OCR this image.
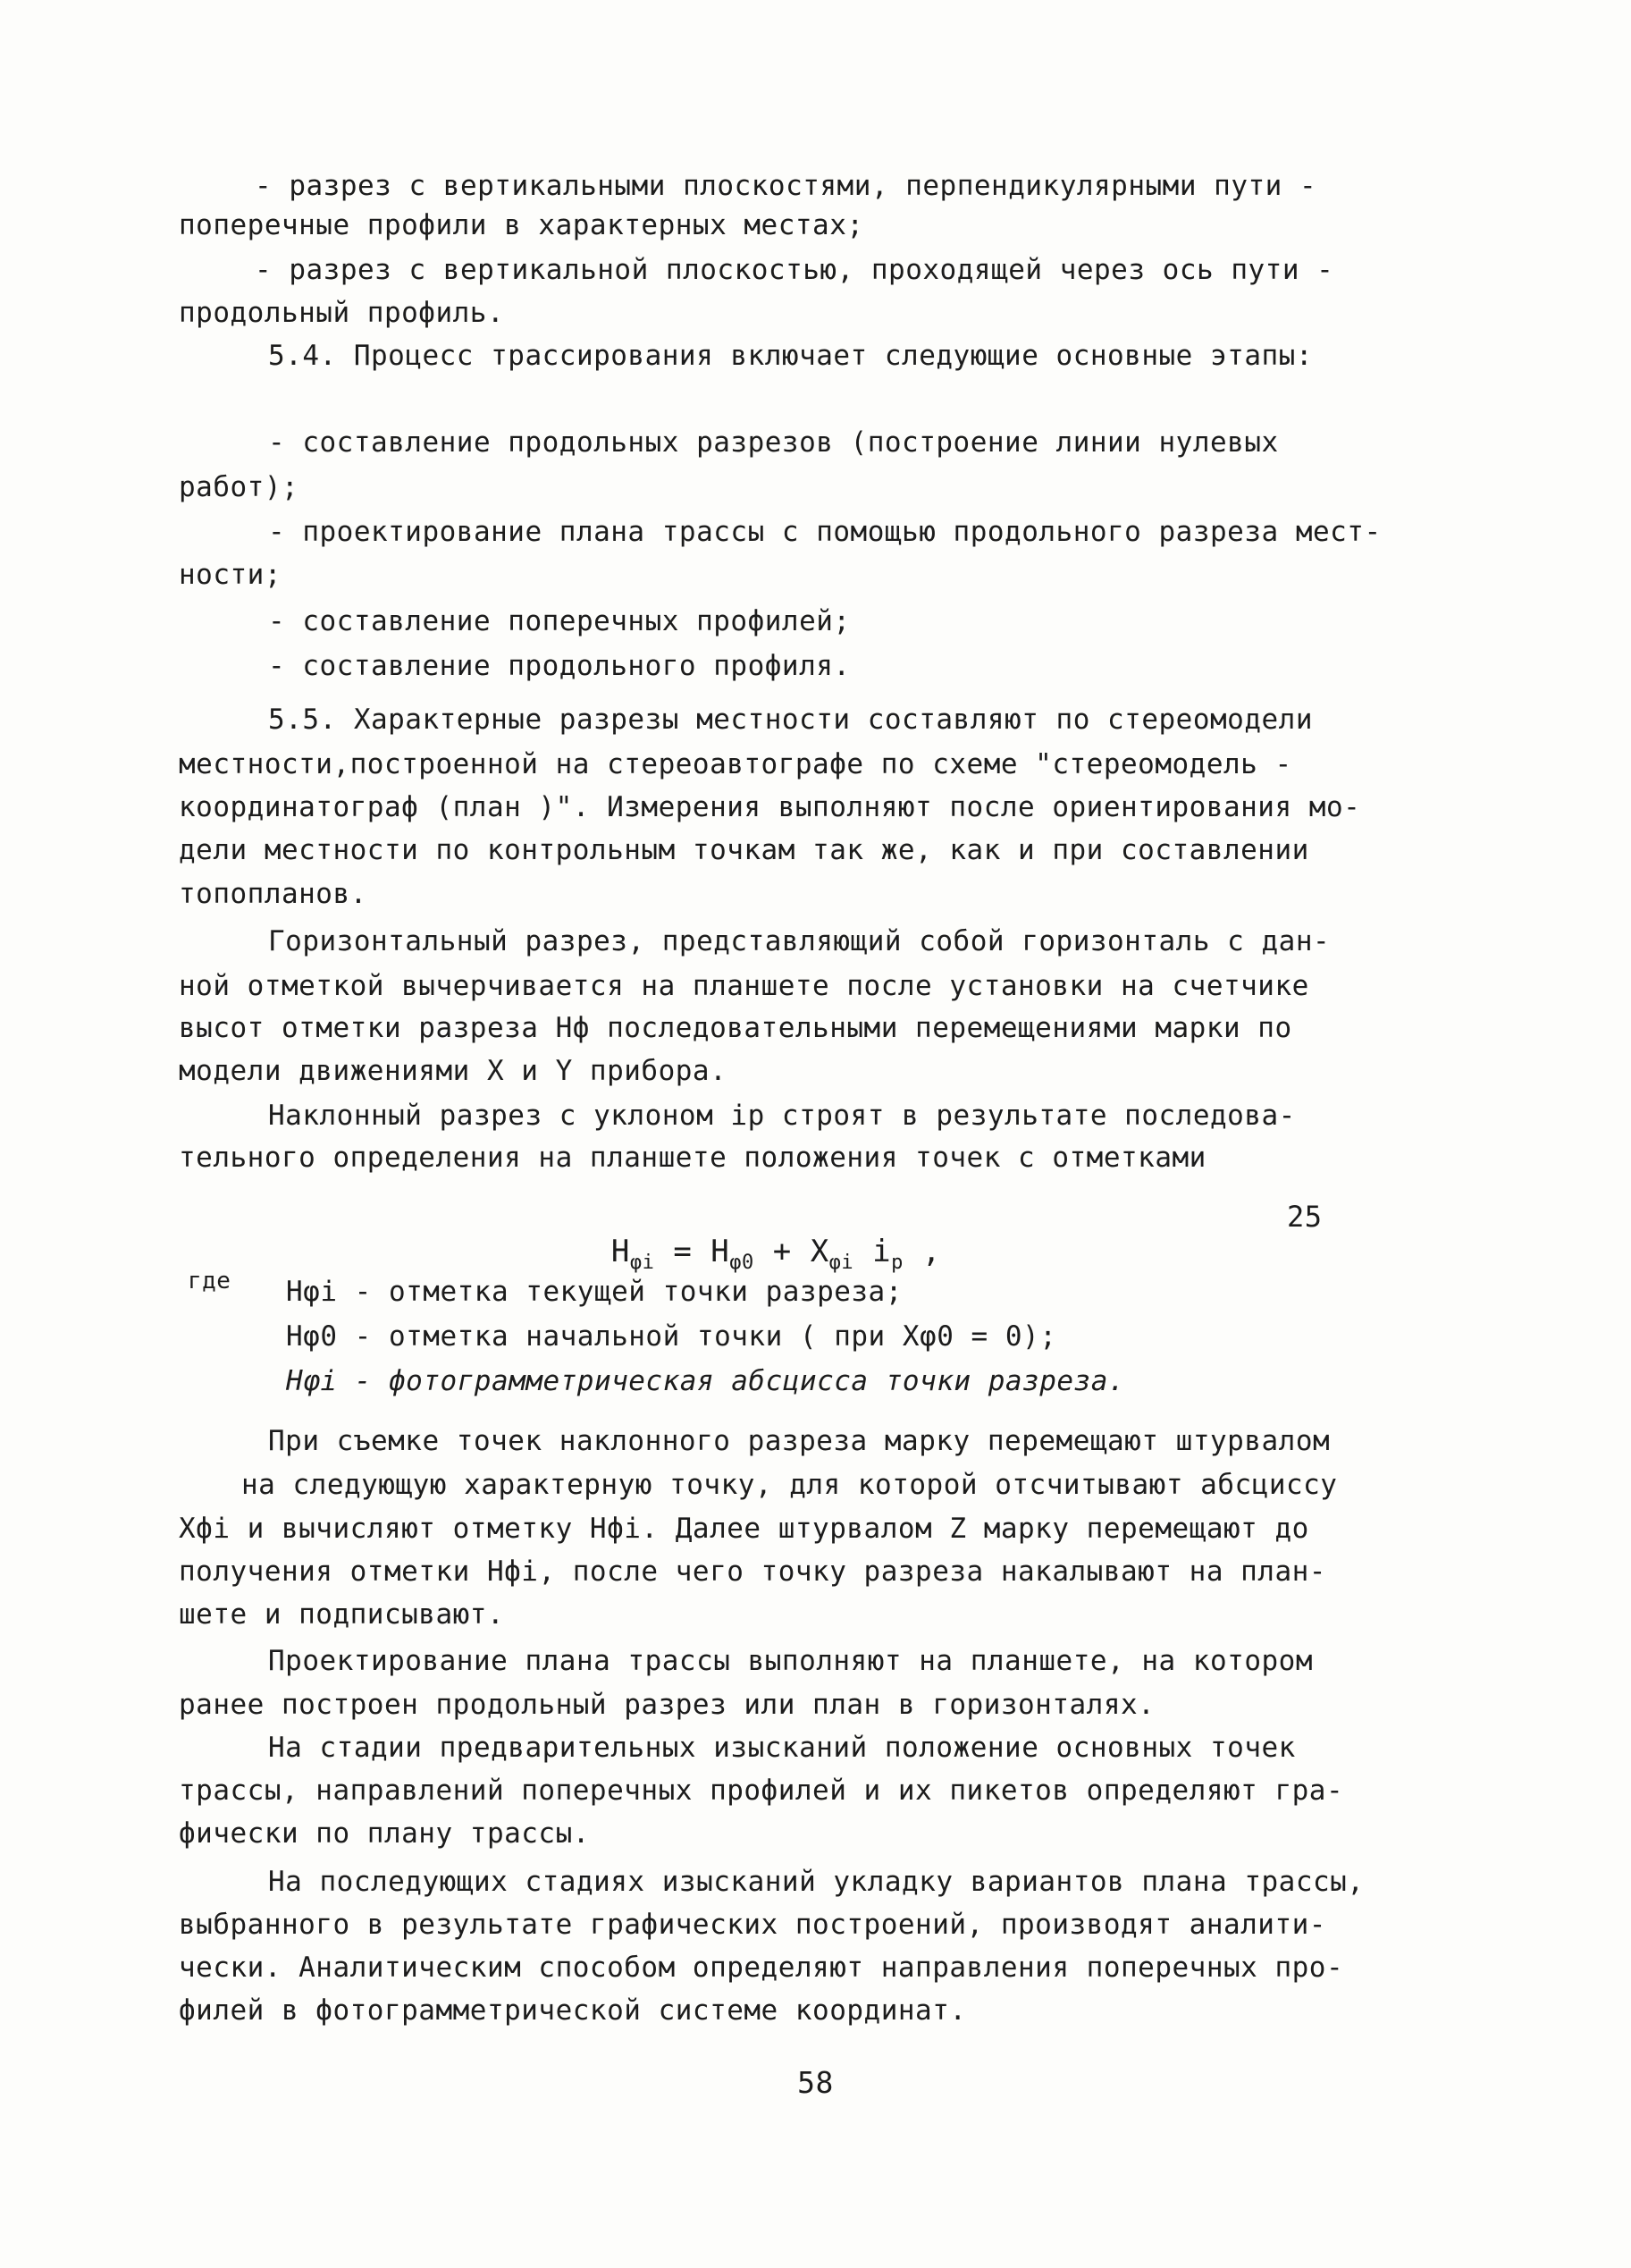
- разрез с вертикальными плоскостями, перпендикулярными пути -
поперечные профили в характерных местах;
- разрез с вертикальной плоскостью, проходящей через ось пути -
продольный профиль.
5.4. Процесс трассирования включает следующие основные этапы:
- составление продольных разрезов (построение линии нулевых
работ);
- проектирование плана трассы с помощью продольного разреза мест-
ности;
- составление поперечных профилей;
- составление продольного профиля.
5.5. Характерные разрезы местности составляют по стереомодели
местности,построенной на стереоавтографе по схеме "стереомодель -
координатограф (план )". Измерения выполняют после ориентирования мо-
дели местности по контрольным точкам так же, как и при составлении
топопланов.
Горизонтальный разрез, представляющий собой горизонталь с дан-
ной отметкой вычерчивается на планшете после установки на счетчике
высот отметки разреза Hф последовательными перемещениями марки по
модели движениями X и Y прибора.
Наклонный разрез с уклоном iр строят в результате последова-
тельного определения на планшете положения точек с отметками

$H_{\varphi i} = H_{\varphi 0} + X_{\varphi i}$ $i_р$ ,

25
где Hφi - отметка текущей точки разреза;
Hφ0 - отметка начальной точки ( при Xφ0 = 0);
Hφi - фотограмметрическая абсцисса точки разреза.
При съемке точек наклонного разреза марку перемещают штурвалом
на следующую характерную точку, для которой отсчитывают абсциссу
Xфi и вычисляют отметку Hфi. Далее штурвалом Z марку перемещают до
получения отметки Hфi, после чего точку разреза накалывают на план-
шете и подписывают.
Проектирование плана трассы выполняют на планшете, на котором
ранее построен продольный разрез или план в горизонталях.
На стадии предварительных изысканий положение основных точек
трассы, направлений поперечных профилей и их пикетов определяют гра-
фически по плану трассы.
На последующих стадиях изысканий укладку вариантов плана трассы,
выбранного в результате графических построений, производят аналити-
чески. Аналитическим способом определяют направления поперечных про-
филей в фотограмметрической системе координат.
58
